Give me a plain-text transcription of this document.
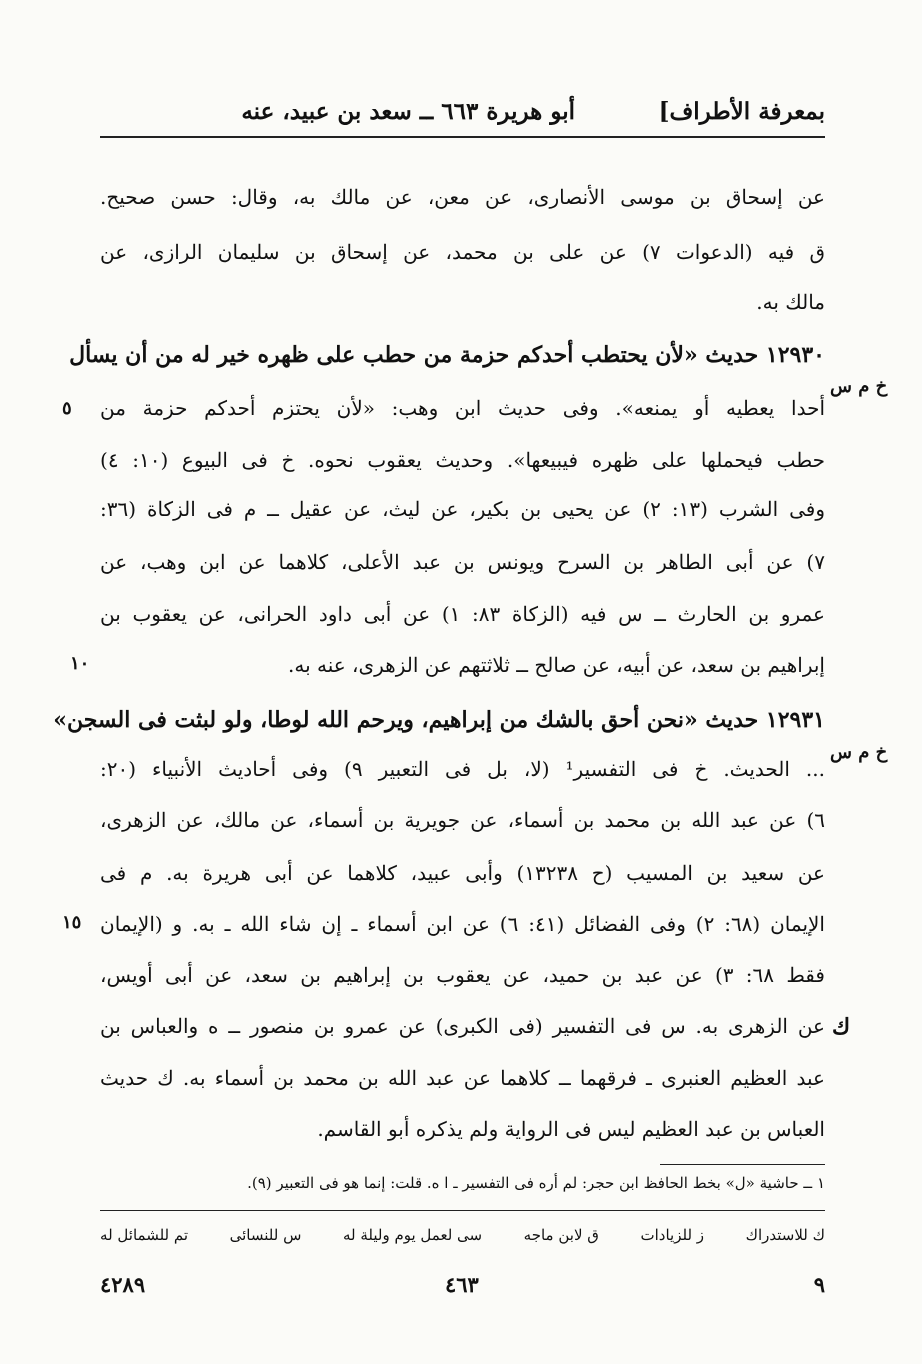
بمعرفة الأطراف]
أبو هريرة ٦٦٣ ــ سعد بن عبيد، عنه
عن إسحاق بن موسى الأنصارى، عن معن، عن مالك به، وقال: حسن صحيح.
ق فيه (الدعوات ٧) عن على بن محمد، عن إسحاق بن سليمان الرازى، عن
مالك به.
١٢٩٣٠ حديث «لأن يحتطب أحدكم حزمة من حطب على ظهره خير له من أن يسأل
أحدا يعطيه أو يمنعه». وفى حديث ابن وهب: «لأن يحتزم أحدكم حزمة من
حطب فيحملها على ظهره فيبيعها». وحديث يعقوب نحوه. خ فى البيوع (١٠: ٤)
وفى الشرب (١٣: ٢) عن يحيى بن بكير، عن ليث، عن عقيل ــ م فى الزكاة (٣٦:
٧) عن أبى الطاهر بن السرح ويونس بن عبد الأعلى، كلاهما عن ابن وهب، عن
عمرو بن الحارث ــ س فيه (الزكاة ٨٣: ١) عن أبى داود الحرانى، عن يعقوب بن
إبراهيم بن سعد، عن أبيه، عن صالح ــ ثلاثتهم عن الزهرى، عنه به.
١٢٩٣١ حديث «نحن أحق بالشك من إبراهيم، ويرحم الله لوطا، ولو لبثت فى السجن»
... الحديث. خ فى التفسير¹ (لا، بل فى التعبير ٩) وفى أحاديث الأنبياء (٢٠:
٦) عن عبد الله بن محمد بن أسماء، عن جويرية بن أسماء، عن مالك، عن الزهرى،
عن سعيد بن المسيب (ح ١٣٢٣٨) وأبى عبيد، كلاهما عن أبى هريرة به. م فى
الإيمان (٦٨: ٢) وفى الفضائل (٤١: ٦) عن ابن أسماء ـ إن شاء الله ـ به. و (الإيمان
فقط ٦٨: ٣) عن عبد بن حميد، عن يعقوب بن إبراهيم بن سعد، عن أبى أويس،
عن الزهرى به. س فى التفسير (فى الكبرى) عن عمرو بن منصور ــ ه والعباس بن
عبد العظيم العنبرى ـ فرقهما ــ كلاهما عن عبد الله بن محمد بن أسماء به. ك حديث
العباس بن عبد العظيم ليس فى الرواية ولم يذكره أبو القاسم.
خ م س
خ م س
ك
٥
١٠
١٥
١ ــ حاشية «ل» بخط الحافظ ابن حجر: لم أره فى التفسير ـ ا ه. قلت: إنما هو فى التعبير (٩).
تم للشمائل له	س للنسائى	سى لعمل يوم وليلة له	ق لابن ماجه	ز للزيادات	ك للاستدراك
٩
٤٦٣
٤٢٨٩
